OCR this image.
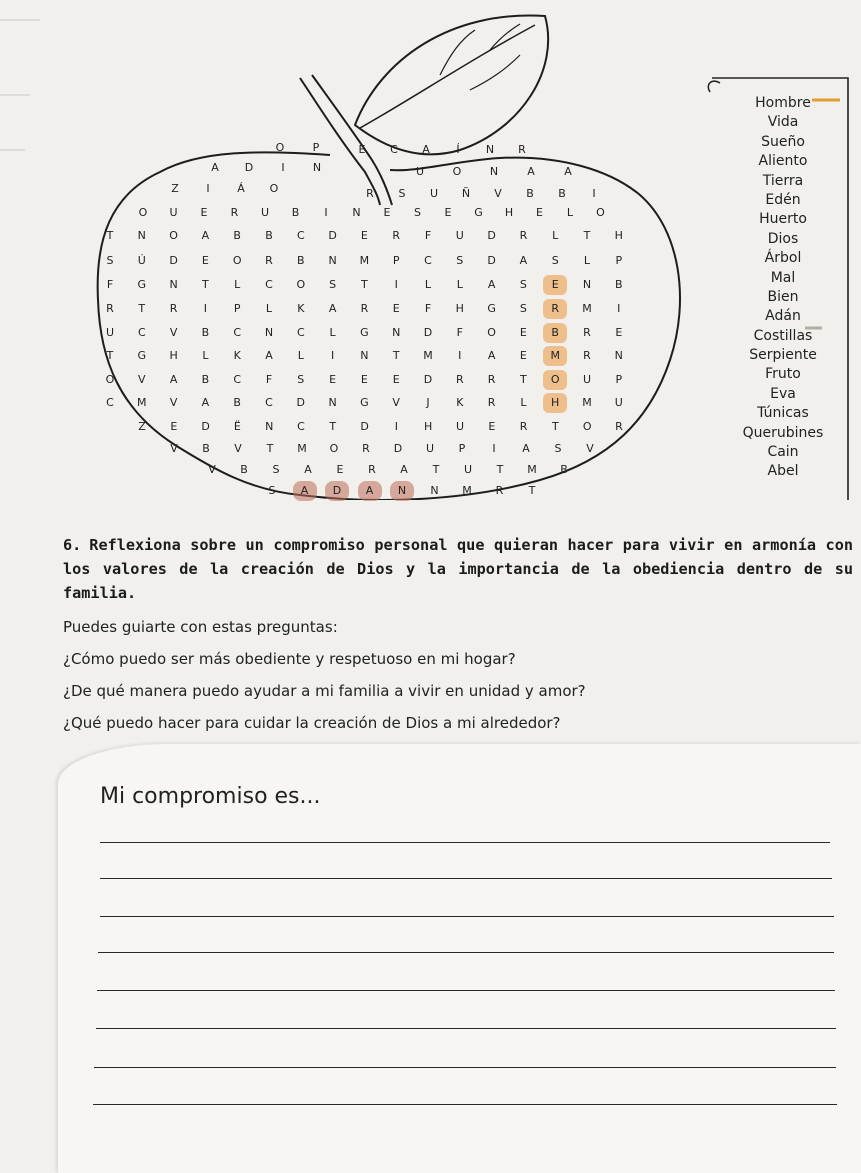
O	P	E	C	A	Í	N	R
A	D	I	N	U	O	N	A	A
Z	I	Á	O	R	S	U	Ñ	V	B	B	I
O	U	E	R	U	B	I	N	E	S	E	G	H	E	L	O
T	N	O	A	B	B	C	D	E	R	F	U	D	R	L	T	H
S	Ú	D	E	O	R	B	N	M	P	C	S	D	A	S	L	P
F	G	N	T	L	C	O	S	T	I	L	L	A	S	E	N	B
R	T	R	I	P	L	K	A	R	E	F	H	G	S	R	M	I
U	C	V	B	C	N	C	L	G	N	D	F	O	E	B	R	E
T	G	H	L	K	A	L	I	N	T	M	I	A	E	M	R	N
O	V	A	B	C	F	S	E	E	E	D	R	R	T	O	U	P
C	M	V	A	B	C	D	N	G	V	J	K	R	L	H	M	U
Z	E	D	Ë	N	C	T	D	I	H	U	E	R	T	O	R
V	B	V	T	M	O	R	D	U	P	I	A	S	V
V	B	S	A	E	R	A	T	U	T	M	B
S	A	D	A	N	N	M	R	T
Hombre
Vida
Sueño
Aliento
Tierra
Edén
Huerto
Dios
Árbol
Mal
Bien
Adán
Costillas
Serpiente
Fruto
Eva
Túnicas
Querubines
Cain
Abel
6. Reflexiona sobre un compromiso personal que quieran hacer para vivir en armonía con los valores de la creación de Dios y la importancia de la obediencia dentro de su familia.
Puedes guiarte con estas preguntas:
¿Cómo puedo ser más obediente y respetuoso en mi hogar?
¿De qué manera puedo ayudar a mi familia a vivir en unidad y amor?
¿Qué puedo hacer para cuidar la creación de Dios a mi alrededor?
Mi compromiso es...
